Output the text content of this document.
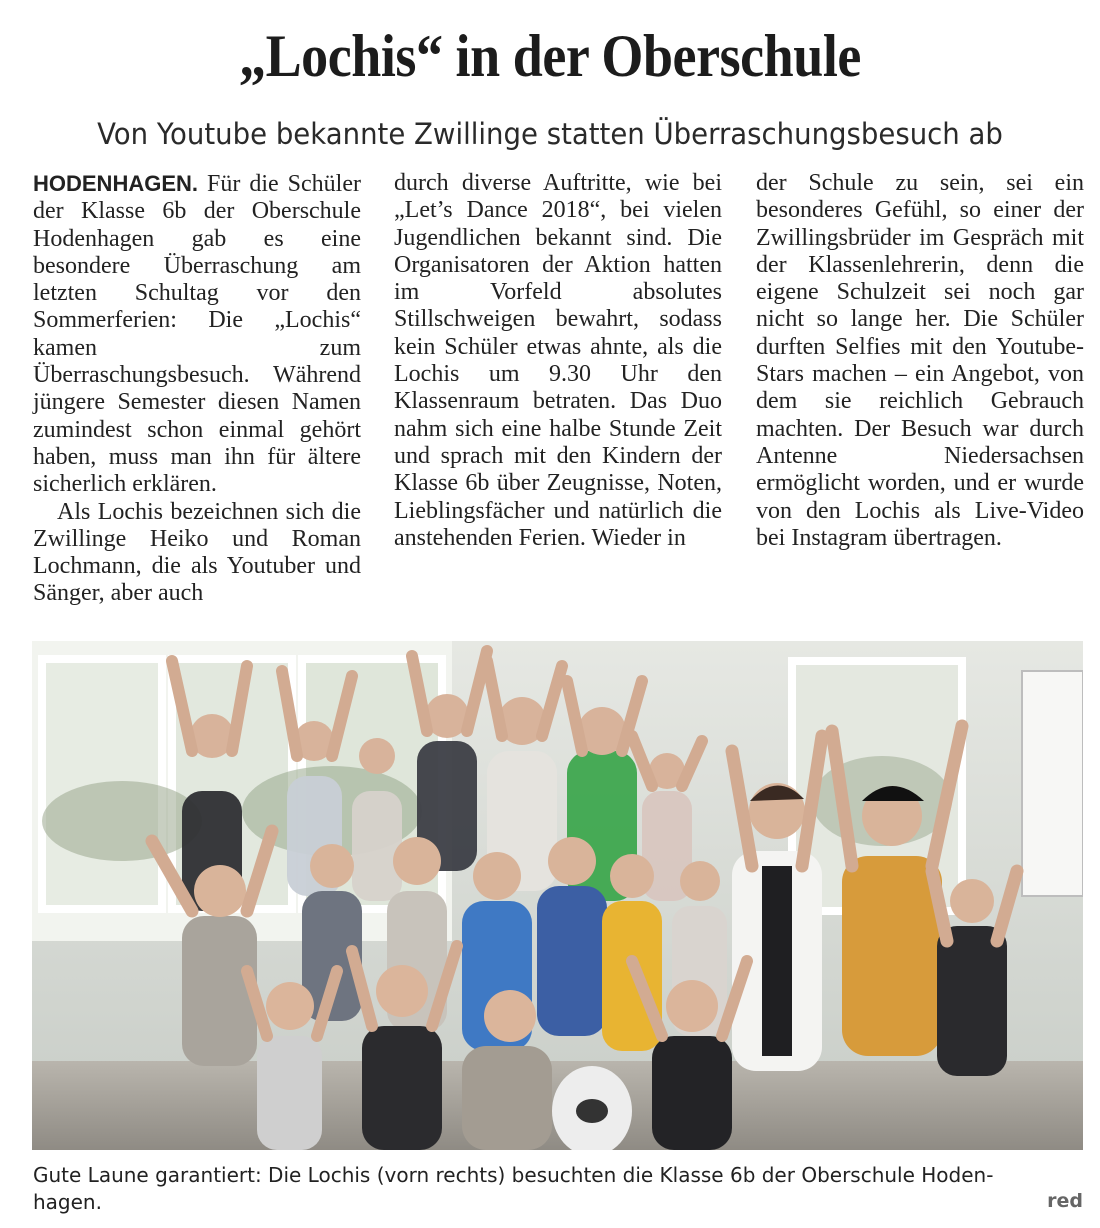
„Lochis“ in der Oberschule
Von Youtube bekannte Zwillinge statten Überraschungsbesuch ab

HODENHAGEN. Für die Schüler der Klasse 6b der Oberschule Hodenhagen gab es eine besondere Überraschung am letzten Schultag vor den Sommerferien: Die „Lochis“ kamen zum Überraschungsbesuch. Während jüngere Semester diesen Namen zumindest schon einmal gehört haben, muss man ihn für ältere sicherlich erklären.

Als Lochis bezeichnen sich die Zwillinge Heiko und Roman Lochmann, die als Youtuber und Sänger, aber auch

durch diverse Auftritte, wie bei „Let’s Dance 2018“, bei vielen Jugendlichen bekannt sind. Die Organisatoren der Aktion hatten im Vorfeld absolutes Stillschweigen bewahrt, sodass kein Schüler etwas ahnte, als die Lochis um 9.30 Uhr den Klassenraum betraten. Das Duo nahm sich eine halbe Stunde Zeit und sprach mit den Kindern der Klasse 6b über Zeugnisse, Noten, Lieblingsfächer und natürlich die anstehenden Ferien. Wieder in

der Schule zu sein, sei ein besonderes Gefühl, so einer der Zwillingsbrüder im Gespräch mit der Klassenlehrerin, denn die eigene Schulzeit sei noch gar nicht so lange her. Die Schüler durften Selfies mit den Youtube-Stars machen – ein Angebot, von dem sie reichlich Gebrauch machten. Der Besuch war durch Antenne Niedersachsen ermöglicht worden, und er wurde von den Lochis als Live-Video bei Instagram übertragen.

Gute Laune garantiert: Die Lochis (vorn rechts) besuchten die Klasse 6b der Oberschule Hoden-
hagen.	red
